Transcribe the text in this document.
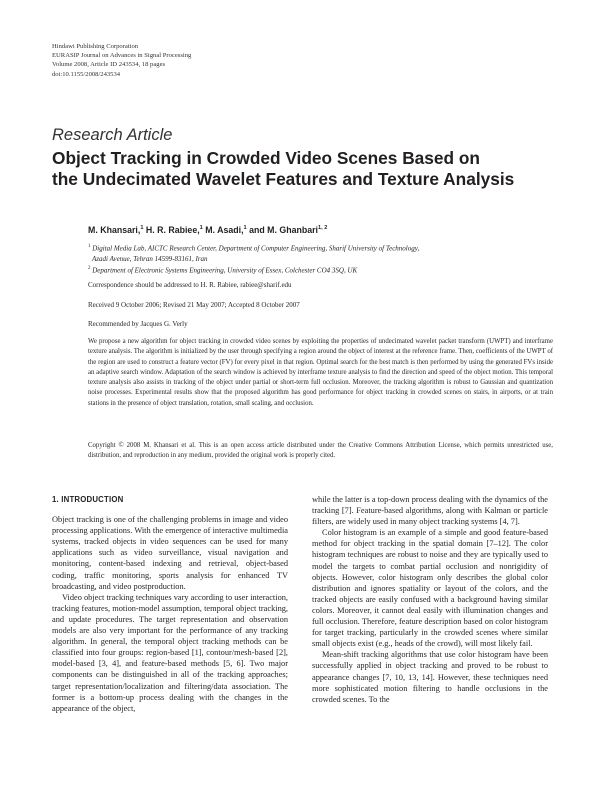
Hindawi Publishing Corporation
EURASIP Journal on Advances in Signal Processing
Volume 2008, Article ID 243534, 18 pages
doi:10.1155/2008/243534
Research Article
Object Tracking in Crowded Video Scenes Based on
the Undecimated Wavelet Features and Texture Analysis
M. Khansari,$^1$ H. R. Rabiee,$^1$ M. Asadi,$^1$ and M. Ghanbari$^{1, 2}$
$^1$ Digital Media Lab, AICTC Research Center, Department of Computer Engineering, Sharif University of Technology,
Azadi Avenue, Tehran 14599-83161, Iran
$^2$ Department of Electronic Systems Engineering, University of Essex, Colchester CO4 3SQ, UK
Correspondence should be addressed to H. R. Rabiee, rabiee@sharif.edu
Received 9 October 2006; Revised 21 May 2007; Accepted 8 October 2007
Recommended by Jacques G. Verly
We propose a new algorithm for object tracking in crowded video scenes by exploiting the properties of undecimated wavelet packet transform (UWPT) and interframe texture analysis. The algorithm is initialized by the user through specifying a region around the object of interest at the reference frame. Then, coefficients of the UWPT of the region are used to construct a feature vector (FV) for every pixel in that region. Optimal search for the best match is then performed by using the generated FVs inside an adaptive search window. Adaptation of the search window is achieved by interframe texture analysis to find the direction and speed of the object motion. This temporal texture analysis also assists in tracking of the object under partial or short-term full occlusion. Moreover, the tracking algorithm is robust to Gaussian and quantization noise processes. Experimental results show that the proposed algorithm has good performance for object tracking in crowded scenes on stairs, in airports, or at train stations in the presence of object translation, rotation, small scaling, and occlusion.
Copyright © 2008 M. Khansari et al. This is an open access article distributed under the Creative Commons Attribution License, which permits unrestricted use, distribution, and reproduction in any medium, provided the original work is properly cited.
1. INTRODUCTION

Object tracking is one of the challenging problems in image and video processing applications. With the emergence of interactive multimedia systems, tracked objects in video sequences can be used for many applications such as video surveillance, visual navigation and monitoring, content-based indexing and retrieval, object-based coding, traffic monitoring, sports analysis for enhanced TV broadcasting, and video postproduction.

Video object tracking techniques vary according to user interaction, tracking features, motion-model assumption, temporal object tracking, and update procedures. The target representation and observation models are also very important for the performance of any tracking algorithm. In general, the temporal object tracking methods can be classified into four groups: region-based [1], contour/mesh-based [2], model-based [3, 4], and feature-based methods [5, 6]. Two major components can be distinguished in all of the tracking approaches; target representation/localization and filtering/data association. The former is a bottom-up process dealing with the changes in the appearance of the object,

while the latter is a top-down process dealing with the dynamics of the tracking [7]. Feature-based algorithms, along with Kalman or particle filters, are widely used in many object tracking systems [4, 7].

Color histogram is an example of a simple and good feature-based method for object tracking in the spatial domain [7–12]. The color histogram techniques are robust to noise and they are typically used to model the targets to combat partial occlusion and nonrigidity of objects. However, color histogram only describes the global color distribution and ignores spatiality or layout of the colors, and the tracked objects are easily confused with a background having similar colors. Moreover, it cannot deal easily with illumination changes and full occlusion. Therefore, feature description based on color histogram for target tracking, particularly in the crowded scenes where similar small objects exist (e.g., heads of the crowd), will most likely fail.

Mean-shift tracking algorithms that use color histogram have been successfully applied in object tracking and proved to be robust to appearance changes [7, 10, 13, 14]. However, these techniques need more sophisticated motion filtering to handle occlusions in the crowded scenes. To the
